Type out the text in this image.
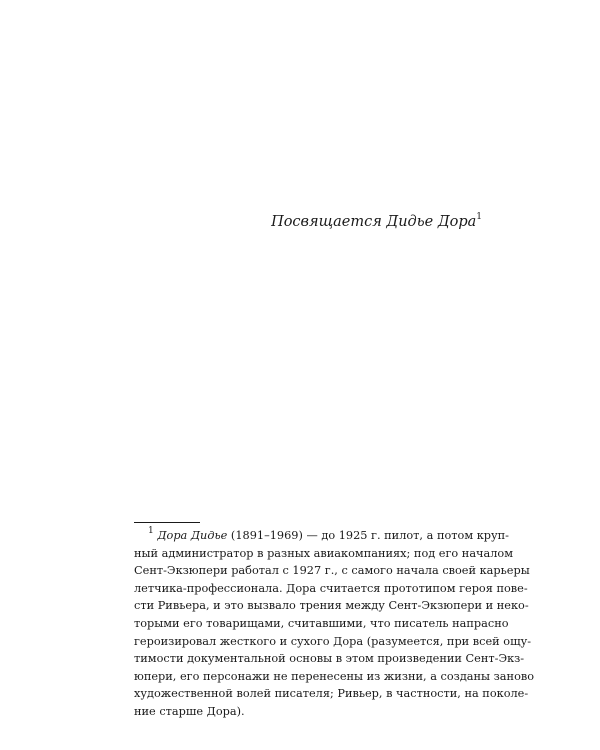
Посвящается Дидье Дора$^1$
$^1$ Дора Дидье (1891–1969) — до 1925 г. пилот, а потом круп-
ный администратор в разных авиакомпаниях; под его началом
Сент-Экзюпери работал с 1927 г., с самого начала своей карьеры
летчика-профессионала. Дора считается прототипом героя пове-
сти Ривьера, и это вызвало трения между Сент-Экзюпери и неко-
торыми его товарищами, считавшими, что писатель напрасно
героизировал жесткого и сухого Дора (разумеется, при всей ощу-
тимости документальной основы в этом произведении Сент-Экз-
юпери, его персонажи не перенесены из жизни, а созданы заново
художественной волей писателя; Ривьер, в частности, на поколе-
ние старше Дора).
